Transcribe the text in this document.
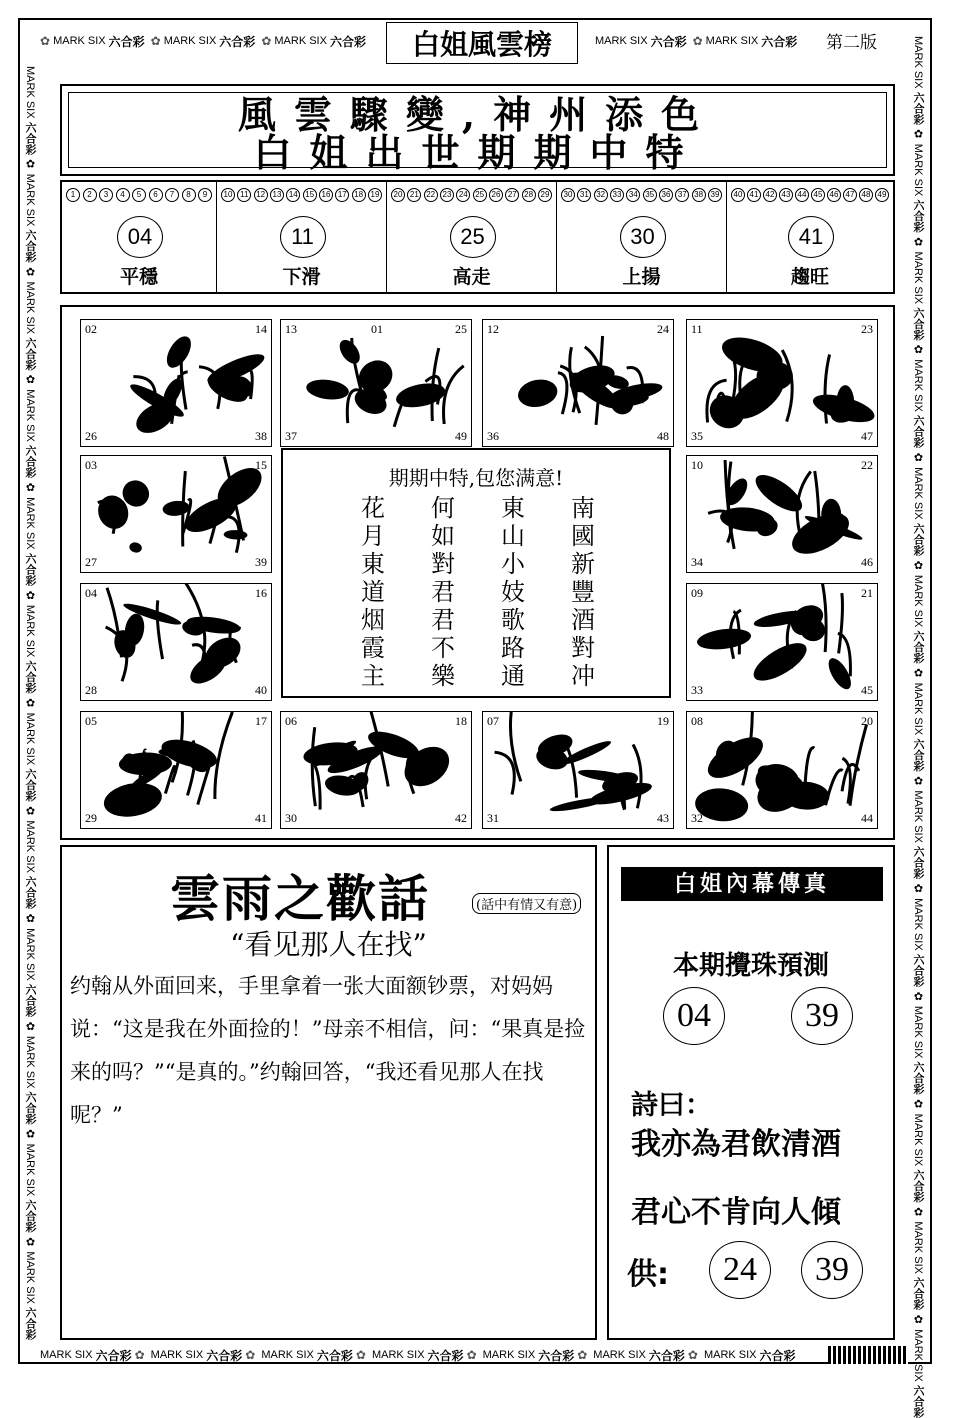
✿ MARK SIX 六合彩 ✿ MARK SIX 六合彩 ✿ MARK SIX 六合彩	MARK SIX 六合彩 ✿ MARK SIX 六合彩
白姐風雲榜	第二版
MARK SIX 六合彩 ✿ MARK SIX 六合彩 ✿ MARK SIX 六合彩 ✿ MARK SIX 六合彩 ✿ MARK SIX 六合彩 ✿ MARK SIX 六合彩 ✿ MARK SIX 六合彩 ✿ MARK SIX 六合彩 ✿ MARK SIX 六合彩 ✿ MARK SIX 六合彩 ✿ MARK SIX 六合彩 ✿ MARK SIX 六合彩
MARK SIX 六合彩 ✿ MARK SIX 六合彩 ✿ MARK SIX 六合彩 ✿ MARK SIX 六合彩 ✿ MARK SIX 六合彩 ✿ MARK SIX 六合彩 ✿ MARK SIX 六合彩 ✿ MARK SIX 六合彩 ✿ MARK SIX 六合彩 ✿ MARK SIX 六合彩 ✿ MARK SIX 六合彩 ✿ MARK SIX 六合彩 ✿ MARK SIX 六合彩
風雲驟變,神州添色
白姐出世期期中特
1	2	3	4	5	6	7	8	9
04
平穩
10 11 12 13 14 15 16 17 18 19
11
下滑
20 21 22 23 24 25 26 27 28 29
25
高走
30 31 32 33 34 35 36 37 38 39
30
上揚
40 41 42 43 44 45 46 47 48 49
41
趨旺
02	14
26	38
13	25
37	49
01	12	24
36	48
11	23
35	47
03	15
27	39
10	22
34	46
04	16
28	40
09	21
33	45
05	17
29	41
06	18
30	42
07	19
31	43
08	20
32	44
期期中特,包您满意!
花	何	東	南
月	如	山	國
東	對	小	新
道	君	妓	豐
烟	君	歌	酒
霞	不	路	對
主	樂	通	冲
雲雨之歡話	(話中有情又有意)
“看见那人在找”
约翰从外面回来，手里拿着一张大面额钞票，对妈妈说：“这是我在外面捡的！”母亲不相信，问：“果真是捡来的吗？”“是真的。”约翰回答，“我还看见那人在找呢？”
白姐內幕傳真
本期攪珠預測
04	39
詩曰：
我亦為君飲清酒
君心不肯向人傾
供:	24	39
MARK SIX 六合彩 ✿ MARK SIX 六合彩 ✿ MARK SIX 六合彩 ✿ MARK SIX 六合彩 ✿ MARK SIX 六合彩 ✿ MARK SIX 六合彩 ✿ MARK SIX 六合彩
